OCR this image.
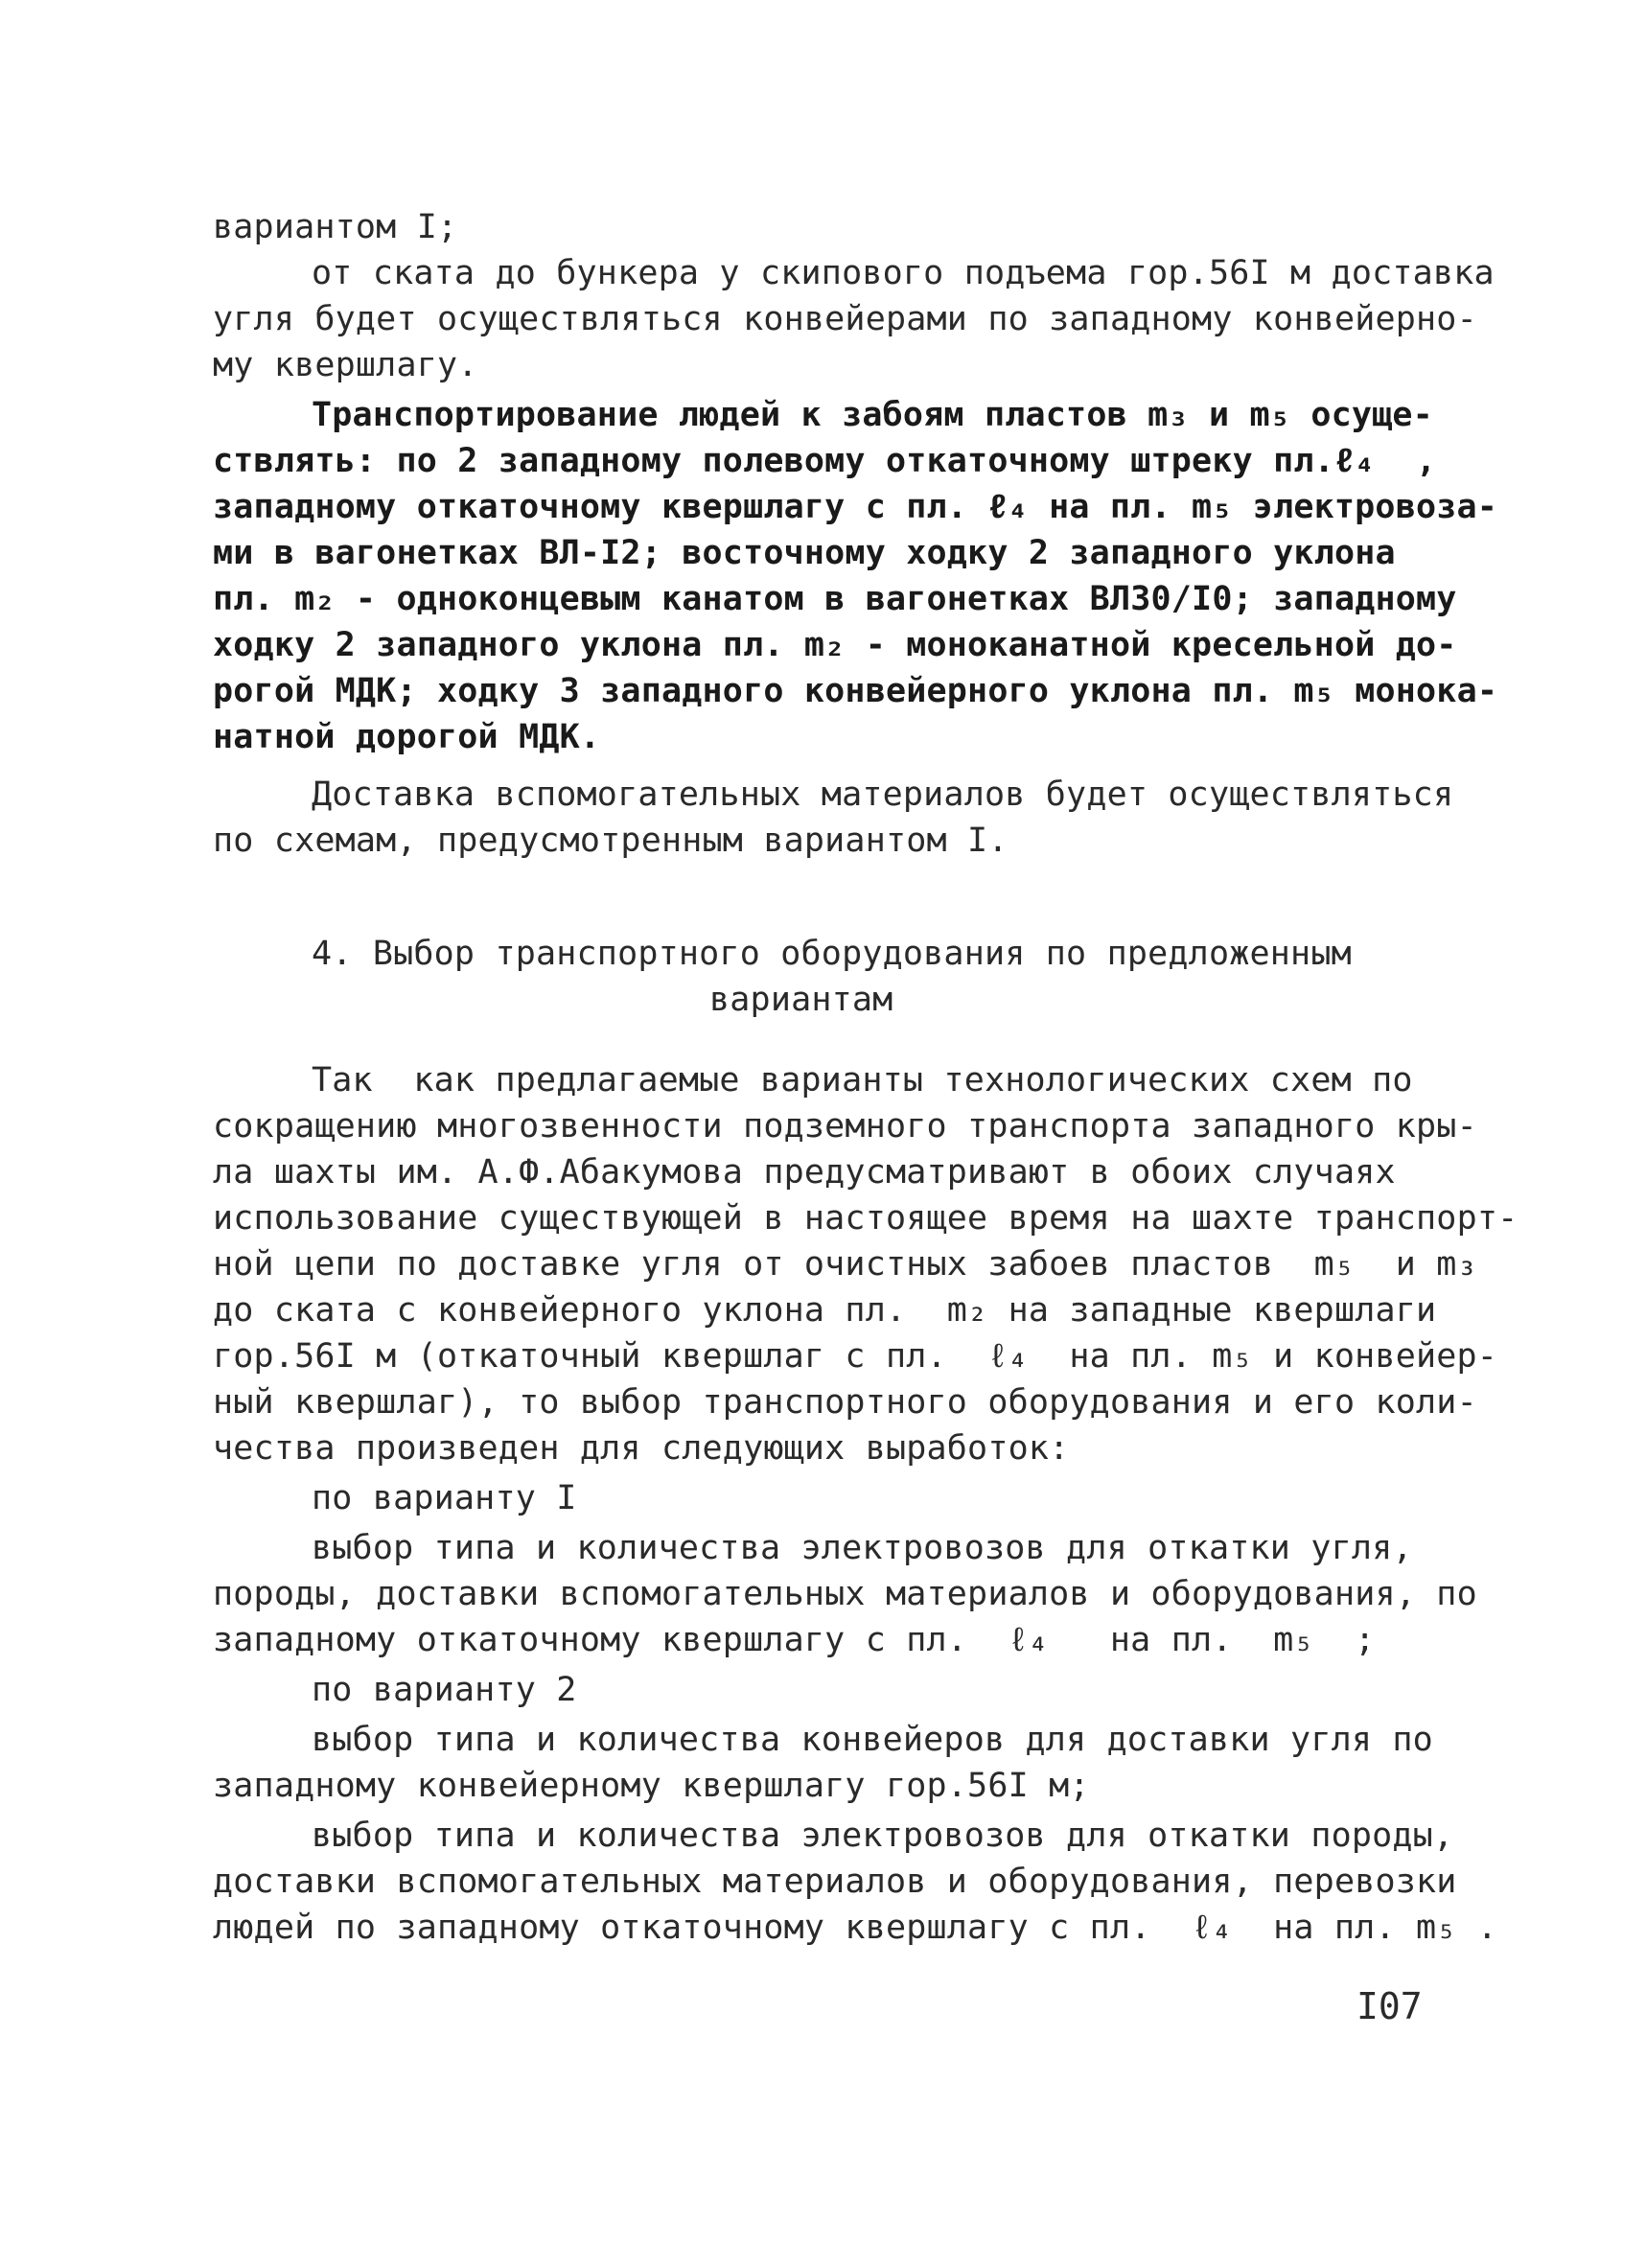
I07
вариантом I;
от ската до бункера у скипового подъема гор.56I м доставка
угля будет осуществляться конвейерами по западному конвейерно-
му квершлагу.
Транспортирование людей к забоям пластов m₃ и m₅ осуще-
ствлять: по 2 западному полевому откаточному штреку пл.ℓ₄  ,
западному откаточному квершлагу с пл. ℓ₄ на пл. m₅ электровоза-
ми в вагонетках ВЛ-I2; восточному ходку 2 западного уклона
пл. m₂ - одноконцевым канатом в вагонетках ВЛЗ0/I0; западному
ходку 2 западного уклона пл. m₂ - моноканатной кресельной до-
рогой МДК; ходку 3 западного конвейерного уклона пл. m₅ монока-
натной дорогой МДК.
Доставка вспомогательных материалов будет осуществляться
по схемам, предусмотренным вариантом I.
4. Выбор транспортного оборудования по предложенным
вариантам
Так  как предлагаемые варианты технологических схем по
сокращению многозвенности подземного транспорта западного кры-
ла шахты им. А.Ф.Абакумова предусматривают в обоих случаях
использование существующей в настоящее время на шахте транспорт-
ной цепи по доставке угля от очистных забоев пластов  m₅  и m₃
до ската с конвейерного уклона пл.  m₂ на западные квершлаги
гор.56I м (откаточный квершлаг с пл.  ℓ₄  на пл. m₅ и конвейер-
ный квершлаг), то выбор транспортного оборудования и его коли-
чества произведен для следующих выработок:
по варианту I
выбор типа и количества электровозов для откатки угля,
породы, доставки вспомогательных материалов и оборудования, по
западному откаточному квершлагу с пл.  ℓ₄   на пл.  m₅  ;
по варианту 2
выбор типа и количества конвейеров для доставки угля по
западному конвейерному квершлагу гор.56I м;
выбор типа и количества электровозов для откатки породы,
доставки вспомогательных материалов и оборудования, перевозки
людей по западному откаточному квершлагу с пл.  ℓ₄  на пл. m₅ .
